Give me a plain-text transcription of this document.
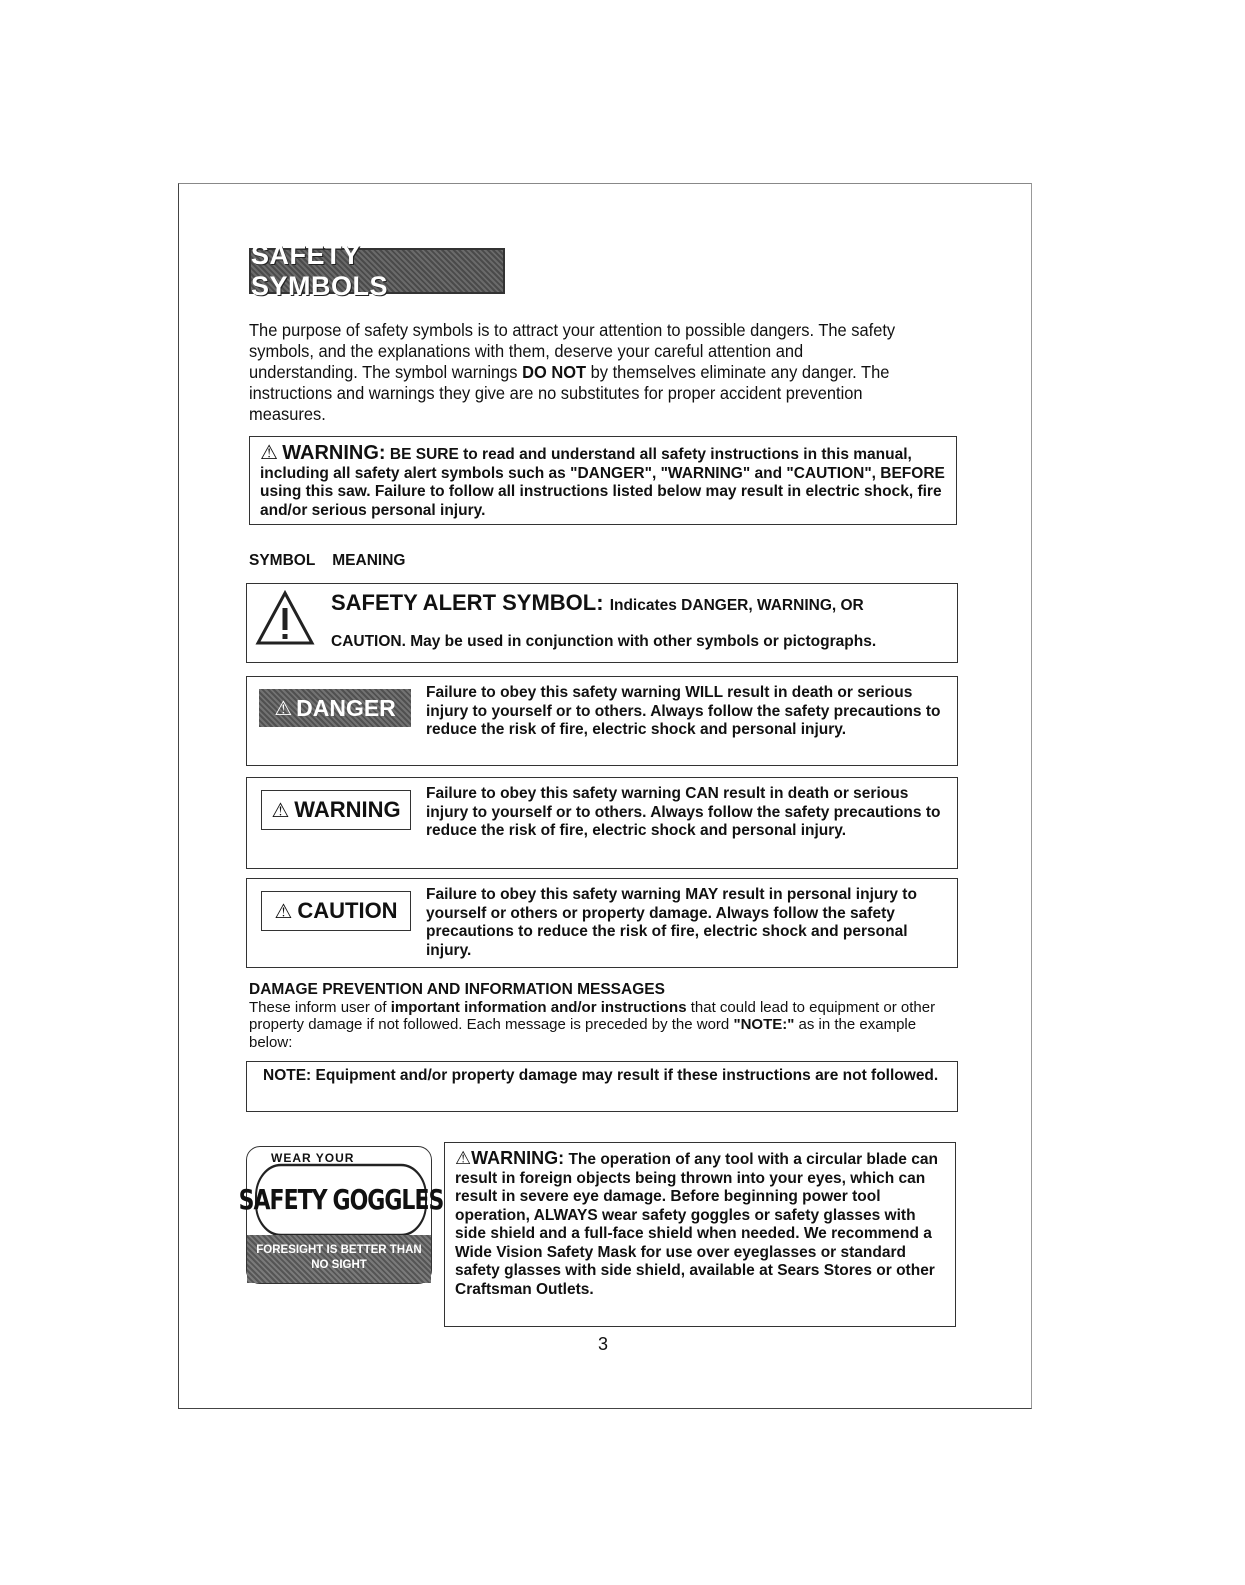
SAFETY SYMBOLS
The purpose of safety symbols is to attract your attention to possible dangers. The safety symbols, and the explanations with them, deserve your careful attention and understanding. The symbol warnings DO NOT by themselves eliminate any danger. The instructions and warnings they give are no substitutes for proper accident prevention measures.
⚠ WARNING: BE SURE to read and understand all safety instructions in this manual, including all safety alert symbols such as "DANGER", "WARNING" and "CAUTION", BEFORE using this saw. Failure to follow all instructions listed below may result in electric shock, fire and/or serious personal injury.
SYMBOL    MEANING
SAFETY ALERT SYMBOL: Indicates DANGER, WARNING, OR
CAUTION. May be used in conjunction with other symbols or pictographs.
⚠ DANGER
Failure to obey this safety warning WILL result in death or serious injury to yourself or to others. Always follow the safety precautions to reduce the risk of fire, electric shock and personal injury.
⚠ WARNING
Failure to obey this safety warning CAN result in death or serious injury to yourself or to others. Always follow the safety precautions to reduce the risk of fire, electric shock and personal injury.
⚠ CAUTION
Failure to obey this safety warning MAY result in personal injury to yourself or others or property damage. Always follow the safety precautions to reduce the risk of fire, electric shock and personal injury.
DAMAGE PREVENTION AND INFORMATION MESSAGES
These inform user of important information and/or instructions that could lead to equipment or other property damage if not followed. Each message is preceded by the word "NOTE:" as in the example below:
NOTE: Equipment and/or property damage may result if these instructions are not followed.
WEAR YOUR
SAFETY GOGGLES
FORESIGHT IS BETTER THAN
NO SIGHT
⚠WARNING: The operation of any tool with a circular blade can result in foreign objects being thrown into your eyes, which can result in severe eye damage. Before beginning power tool operation, ALWAYS wear safety goggles or safety glasses with side shield and a full-face shield when needed. We recommend a Wide Vision Safety Mask for use over eyeglasses or standard safety glasses with side shield, available at Sears Stores or other Craftsman Outlets.
3
